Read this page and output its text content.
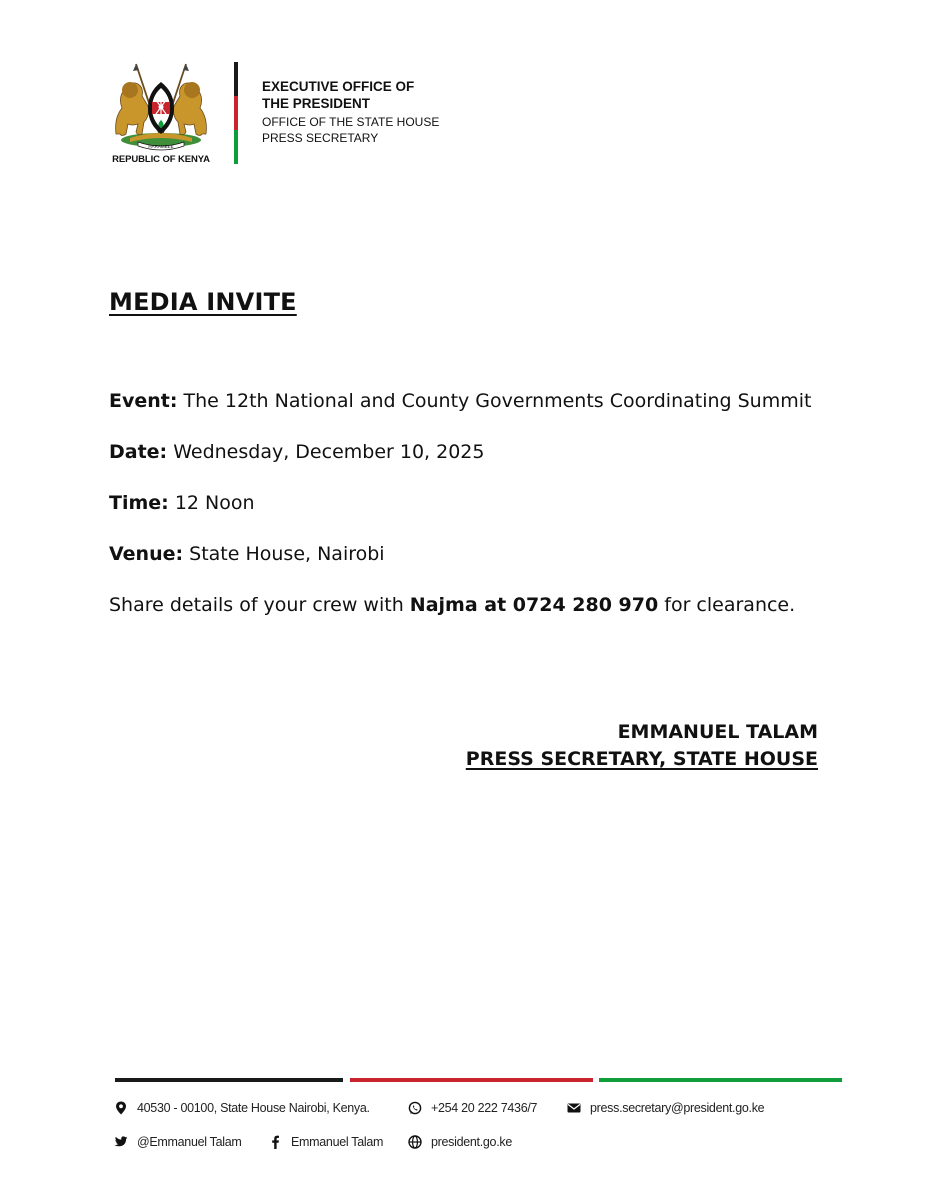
HARAMBEE
REPUBLIC OF KENYA
EXECUTIVE OFFICE OF
THE PRESIDENT
OFFICE OF THE STATE HOUSE
PRESS SECRETARY
MEDIA INVITE
Event: The 12th National and County Governments Coordinating Summit
Date: Wednesday, December 10, 2025
Time: 12 Noon
Venue: State House, Nairobi
Share details of your crew with Najma at 0724 280 970 for clearance.
EMMANUEL TALAM
PRESS SECRETARY, STATE HOUSE
40530 - 00100, State House Nairobi, Kenya.	+254 20 222 7436/7	press.secretary@president.go.ke
@Emmanuel Talam	Emmanuel Talam	president.go.ke
